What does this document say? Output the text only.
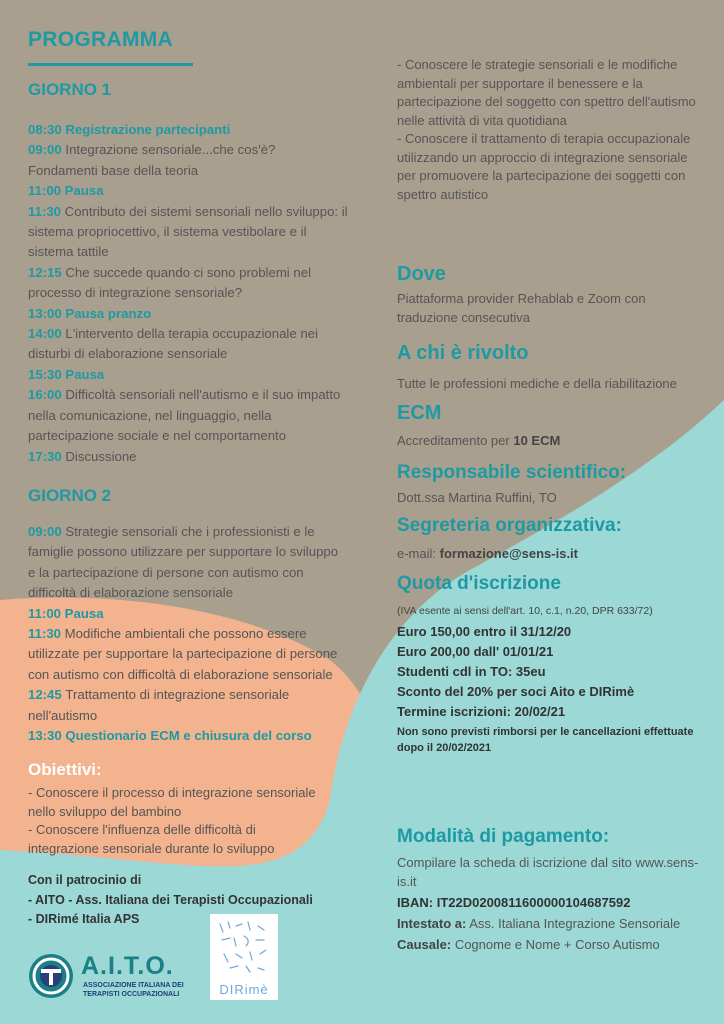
PROGRAMMA
GIORNO 1
08:30 Registrazione partecipanti
09:00 Integrazione sensoriale...che cos'è? Fondamenti base della teoria
11:00 Pausa
11:30 Contributo dei sistemi sensoriali nello sviluppo: il sistema propriocettivo, il sistema vestibolare e il sistema tattile
12:15 Che succede quando ci sono problemi nel processo di integrazione sensoriale?
13:00 Pausa pranzo
14:00 L'intervento della terapia occupazionale nei disturbi di elaborazione sensoriale
15:30 Pausa
16:00 Difficoltà sensoriali nell'autismo e il suo impatto nella comunicazione, nel linguaggio, nella partecipazione sociale e nel comportamento
17:30 Discussione
GIORNO 2
09:00 Strategie sensoriali che i professionisti e le famiglie possono utilizzare per supportare lo sviluppo e la partecipazione di persone con autismo con difficoltà di elaborazione sensoriale
11:00 Pausa
11:30 Modifiche ambientali che possono essere utilizzate per supportare la partecipazione di persone con autismo con difficoltà di elaborazione sensoriale
12:45 Trattamento di integrazione sensoriale nell'autismo
13:30 Questionario ECM e chiusura del corso
Obiettivi:
- Conoscere il processo di integrazione sensoriale nello sviluppo del bambino
- Conoscere l'influenza delle difficoltà di integrazione sensoriale durante lo sviluppo
- Conoscere le strategie sensoriali e le modifiche ambientali per supportare il benessere e la partecipazione del soggetto con spettro dell'autismo nelle attività di vita quotidiana
- Conoscere il trattamento di terapia occupazionale utilizzando un approccio di integrazione sensoriale per promuovere la partecipazione dei soggetti con spettro autistico
Dove
Piattaforma provider Rehablab e Zoom con traduzione consecutiva
A chi è rivolto
Tutte le professioni mediche e della riabilitazione
ECM
Accreditamento per 10 ECM
Responsabile scientifico:
Dott.ssa Martina Ruffini, TO
Segreteria organizzativa:
e-mail: formazione@sens-is.it
Quota d'iscrizione
(IVA esente ai sensi dell'art. 10, c.1, n.20, DPR 633/72)
Euro 150,00 entro il 31/12/20
Euro 200,00 dall' 01/01/21
Studenti cdl in TO: 35eu
Sconto del 20% per soci Aito e DIRimè
Termine iscrizioni: 20/02/21
Non sono previsti rimborsi per le cancellazioni effettuate dopo il 20/02/2021
Modalità di pagamento:
Compilare la scheda di iscrizione dal sito www.sens-is.it
IBAN: IT22D0200811600000104687592
Intestato a: Ass. Italiana Integrazione Sensoriale
Causale: Cognome e Nome + Corso Autismo
Con il patrocinio di
- AITO - Ass. Italiana dei Terapisti Occupazionali
- DIRimé Italia APS
A.I.T.O.
ASSOCIAZIONE ITALIANA DEI
TERAPISTI OCCUPAZIONALI	DIRimè
